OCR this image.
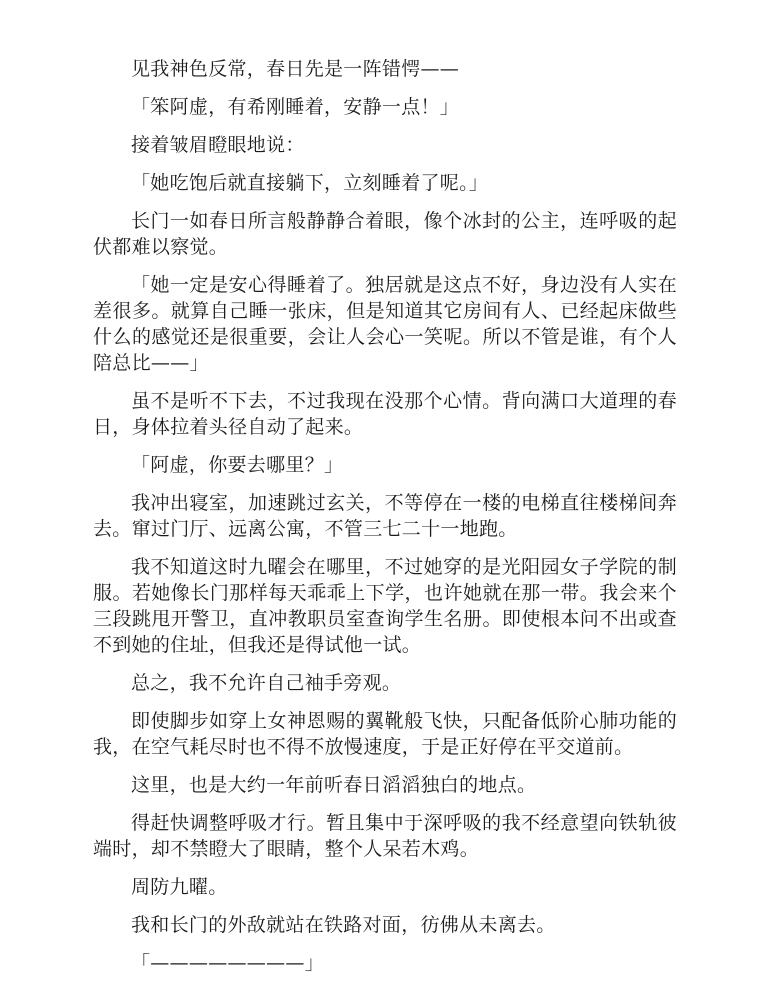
见我神色反常，春日先是一阵错愕——

「笨阿虚，有希刚睡着，安静一点！」

接着皱眉瞪眼地说：

「她吃饱后就直接躺下，立刻睡着了呢。」

长门一如春日所言般静静合着眼，像个冰封的公主，连呼吸的起伏都难以察觉。

「她一定是安心得睡着了。独居就是这点不好，身边没有人实在差很多。就算自己睡一张床，但是知道其它房间有人、已经起床做些什么的感觉还是很重要，会让人会心一笑呢。所以不管是谁，有个人陪总比——」

虽不是听不下去，不过我现在没那个心情。背向满口大道理的春日，身体拉着头径自动了起来。

「阿虚，你要去哪里？」

我冲出寝室，加速跳过玄关，不等停在一楼的电梯直往楼梯间奔去。窜过门厅、远离公寓，不管三七二十一地跑。

我不知道这时九曜会在哪里，不过她穿的是光阳园女子学院的制服。若她像长门那样每天乖乖上下学，也许她就在那一带。我会来个三段跳甩开警卫，直冲教职员室查询学生名册。即使根本问不出或查不到她的住址，但我还是得试他一试。

总之，我不允许自己袖手旁观。

即使脚步如穿上女神恩赐的翼靴般飞快，只配备低阶心肺功能的我，在空气耗尽时也不得不放慢速度，于是正好停在平交道前。

这里，也是大约一年前听春日滔滔独白的地点。

得赶快调整呼吸才行。暂且集中于深呼吸的我不经意望向铁轨彼端时，却不禁瞪大了眼睛，整个人呆若木鸡。

周防九曜。

我和长门的外敌就站在铁路对面，彷佛从未离去。

「————————」
